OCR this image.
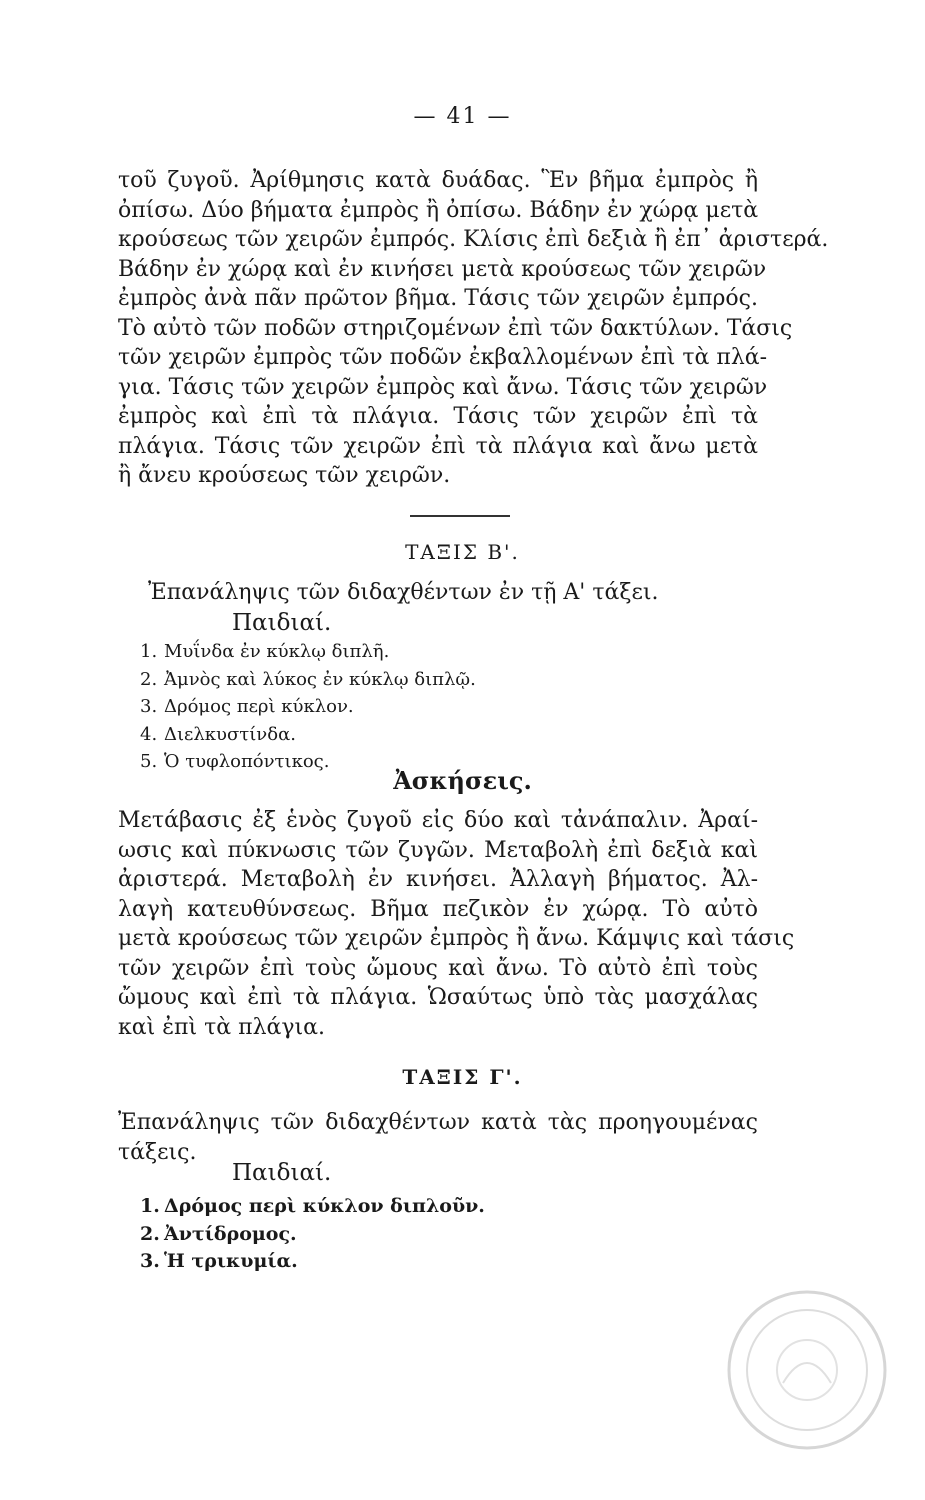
— 41 —
τοῦ ζυγοῦ. Ἀρίθμησις κατὰ δυάδας. Ἓν βῆμα ἐμπρὸς ἢ
ὀπίσω. Δύο βήματα ἐμπρὸς ἢ ὀπίσω. Βάδην ἐν χώρᾳ μετὰ
κρούσεως τῶν χειρῶν ἐμπρός. Κλίσις ἐπὶ δεξιὰ ἢ ἐπ᾽ ἀριστερά.
Βάδην ἐν χώρᾳ καὶ ἐν κινήσει μετὰ κρούσεως τῶν χειρῶν
ἐμπρὸς ἀνὰ πᾶν πρῶτον βῆμα. Τάσις τῶν χειρῶν ἐμπρός.
Τὸ αὐτὸ τῶν ποδῶν στηριζομένων ἐπὶ τῶν δακτύλων. Τάσις
τῶν χειρῶν ἐμπρὸς τῶν ποδῶν ἐκβαλλομένων ἐπὶ τὰ πλά-
για. Τάσις τῶν χειρῶν ἐμπρὸς καὶ ἄνω. Τάσις τῶν χειρῶν
ἐμπρὸς καὶ ἐπὶ τὰ πλάγια. Τάσις τῶν χειρῶν ἐπὶ τὰ
πλάγια. Τάσις τῶν χειρῶν ἐπὶ τὰ πλάγια καὶ ἄνω μετὰ
ἢ ἄνευ κρούσεως τῶν χειρῶν.
ΤΑΞΙΣ Β'.
Ἐπανάληψις τῶν διδαχθέντων ἐν τῇ Α' τάξει.
Παιδιαί.
1. Μυΐνδα ἐν κύκλῳ διπλῆ.
2. Ἀμνὸς καὶ λύκος ἐν κύκλῳ διπλῷ.
3. Δρόμος περὶ κύκλον.
4. Διελκυστίνδα.
5. Ὁ τυφλοπόντικος.
Ἀσκήσεις.
Μετάβασις ἐξ ἑνὸς ζυγοῦ εἰς δύο καὶ τἀνάπαλιν. Ἀραί-
ωσις καὶ πύκνωσις τῶν ζυγῶν. Μεταβολὴ ἐπὶ δεξιὰ καὶ
ἀριστερά. Μεταβολὴ ἐν κινήσει. Ἀλλαγὴ βήματος. Ἀλ-
λαγὴ κατευθύνσεως. Βῆμα πεζικὸν ἐν χώρᾳ. Τὸ αὐτὸ
μετὰ κρούσεως τῶν χειρῶν ἐμπρὸς ἢ ἄνω. Κάμψις καὶ τάσις
τῶν χειρῶν ἐπὶ τοὺς ὤμους καὶ ἄνω. Τὸ αὐτὸ ἐπὶ τοὺς
ὤμους καὶ ἐπὶ τὰ πλάγια. Ὡσαύτως ὑπὸ τὰς μασχάλας
καὶ ἐπὶ τὰ πλάγια.
ΤΑΞΙΣ Γ'.
Ἐπανάληψις τῶν διδαχθέντων κατὰ τὰς προηγουμένας
τάξεις.
Παιδιαί.
1. Δρόμος περὶ κύκλον διπλοῦν.
2. Ἀντίδρομος.
3. Ἡ τρικυμία.
